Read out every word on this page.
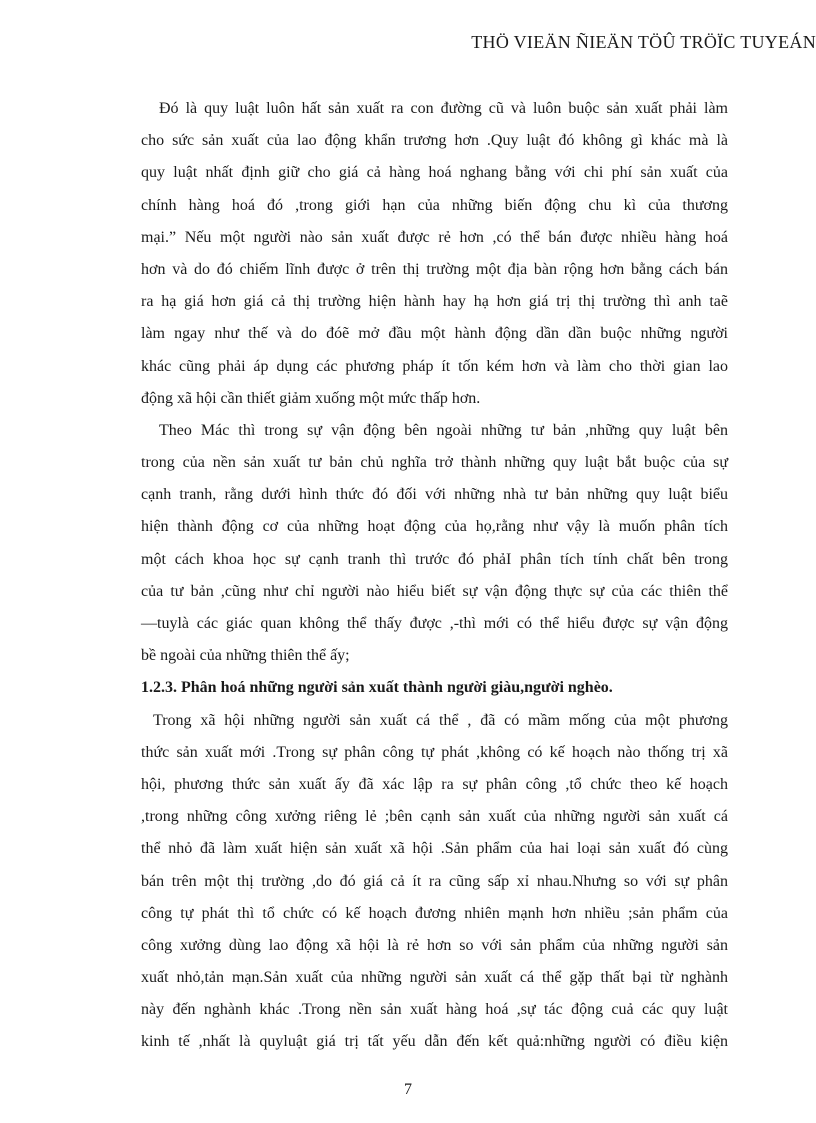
THÖ VIEÄN ÑIEÄN TÖÛ TRÖÏC TUYEÁN

Đó là quy luật luôn hất sản xuất ra con đường cũ và luôn buộc sản xuất phải làm
cho sức sản xuất của lao động khẩn trương hơn .Quy luật đó không gì khác mà là
quy luật nhất định giữ cho giá cả hàng hoá nghang bằng với chi phí sản xuất của
chính hàng hoá đó ,trong giới hạn của những biến động chu kì của thương
mại.” Nếu một người nào sản xuất được rẻ hơn ,có thể bán được nhiều hàng hoá
hơn và do đó chiếm lĩnh được ở trên thị trường một địa bàn rộng hơn bằng cách bán
ra hạ giá hơn giá cả thị trường hiện hành hay hạ hơn giá trị thị trường thì anh taẽ
làm ngay như thế và do đóẽ mở đầu một hành động dần dần buộc những người
khác cũng phải áp dụng các phương pháp ít tốn kém hơn và làm cho thời gian lao
động xã hội cần thiết giảm xuống một mức thấp hơn.

Theo Mác thì trong sự vận động bên ngoài những tư bản ,những quy luật bên
trong của nền sản xuất tư bản chủ nghĩa trở thành những quy luật bắt buộc của sự
cạnh tranh, rằng dưới hình thức đó đối với những nhà tư bản những quy luật biểu
hiện thành động cơ của những hoạt động của họ,rằng như vậy là muốn phân tích
một cách khoa học sự cạnh tranh thì trước đó phảI phân tích tính chất bên trong
của tư bản ,cũng như chỉ người nào hiểu biết sự vận động thực sự của các thiên thể
—tuylà các giác quan không thể thấy được ,-thì mới có thể hiểu được sự vận động
bề ngoài của những thiên thể ấy;

1.2.3. Phân hoá những người sản xuất thành người giàu,người nghèo.

Trong xã hội những người sản xuất cá thể , đã có mầm mống của một phương
thức sản xuất mới .Trong sự phân công tự phát ,không có kế hoạch nào thống trị xã
hội, phương thức sản xuất ấy đã xác lập ra sự phân công ,tổ chức theo kế hoạch
,trong những công xưởng riêng lẻ ;bên cạnh sản xuất của những người sản xuất cá
thể nhỏ đã làm xuất hiện sản xuất xã hội .Sản phẩm của hai loại sản xuất đó cùng
bán trên một thị trường ,do đó giá cả ít ra cũng sấp xỉ nhau.Nhưng so với sự phân
công tự phát thì tổ chức có kế hoạch đương nhiên mạnh hơn nhiều ;sản phẩm của
công xưởng dùng lao động xã hội là rẻ hơn so với sản phẩm của những người sản
xuất nhỏ,tản mạn.Sản xuất của những người sản xuất cá thể gặp thất bại từ nghành
này đến nghành khác .Trong nền sản xuất hàng hoá ,sự tác động cuả các quy luật
kinh tế ,nhất là quyluật giá trị tất yếu dẫn đến kết quả:những người có điều kiện

7
